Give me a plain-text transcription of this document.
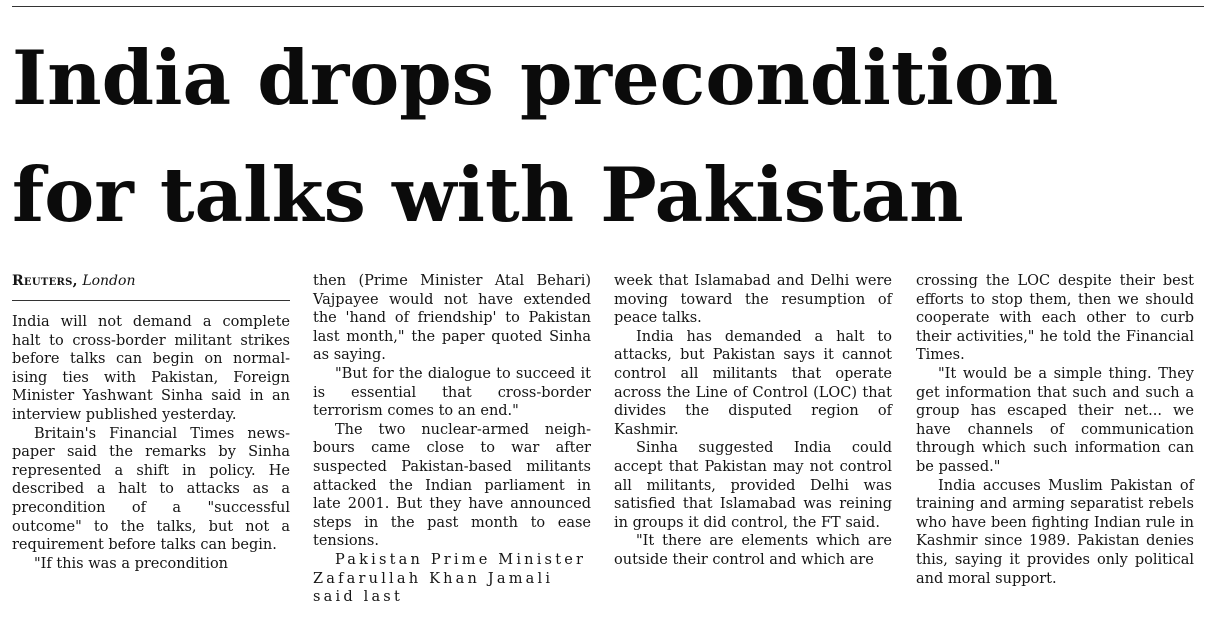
India drops precondition
for talks with Pakistan
Reuters, London

India will not demand a complete halt to cross-border militant strikes before talks can begin on normalising ties with Pakistan, Foreign Minister Yashwant Sinha said in an interview published yesterday.

Britain's Financial Times newspaper said the remarks by Sinha represented a shift in policy. He described a halt to attacks as a precondition of a "successful outcome" to the talks, but not a requirement before talks can begin.

"If this was a precondition

then (Prime Minister Atal Behari) Vajpayee would not have extended the 'hand of friendship' to Pakistan last month," the paper quoted Sinha as saying.

"But for the dialogue to succeed it is essential that cross-border terrorism comes to an end."

The two nuclear-armed neighbours came close to war after suspected Pakistan-based militants attacked the Indian parliament in late 2001. But they have announced steps in the past month to ease tensions.

Pakistan Prime Minister Zafarullah Khan Jamali said last

week that Islamabad and Delhi were moving toward the resumption of peace talks.

India has demanded a halt to attacks, but Pakistan says it cannot control all militants that operate across the Line of Control (LOC) that divides the disputed region of Kashmir.

Sinha suggested India could accept that Pakistan may not control all militants, provided Delhi was satisfied that Islamabad was reining in groups it did control, the FT said.

"It there are elements which are outside their control and which are

crossing the LOC despite their best efforts to stop them, then we should cooperate with each other to curb their activities," he told the Financial Times.

"It would be a simple thing. They get information that such and such a group has escaped their net... we have channels of communication through which such information can be passed."

India accuses Muslim Pakistan of training and arming separatist rebels who have been fighting Indian rule in Kashmir since 1989. Pakistan denies this, saying it provides only political and moral support.
